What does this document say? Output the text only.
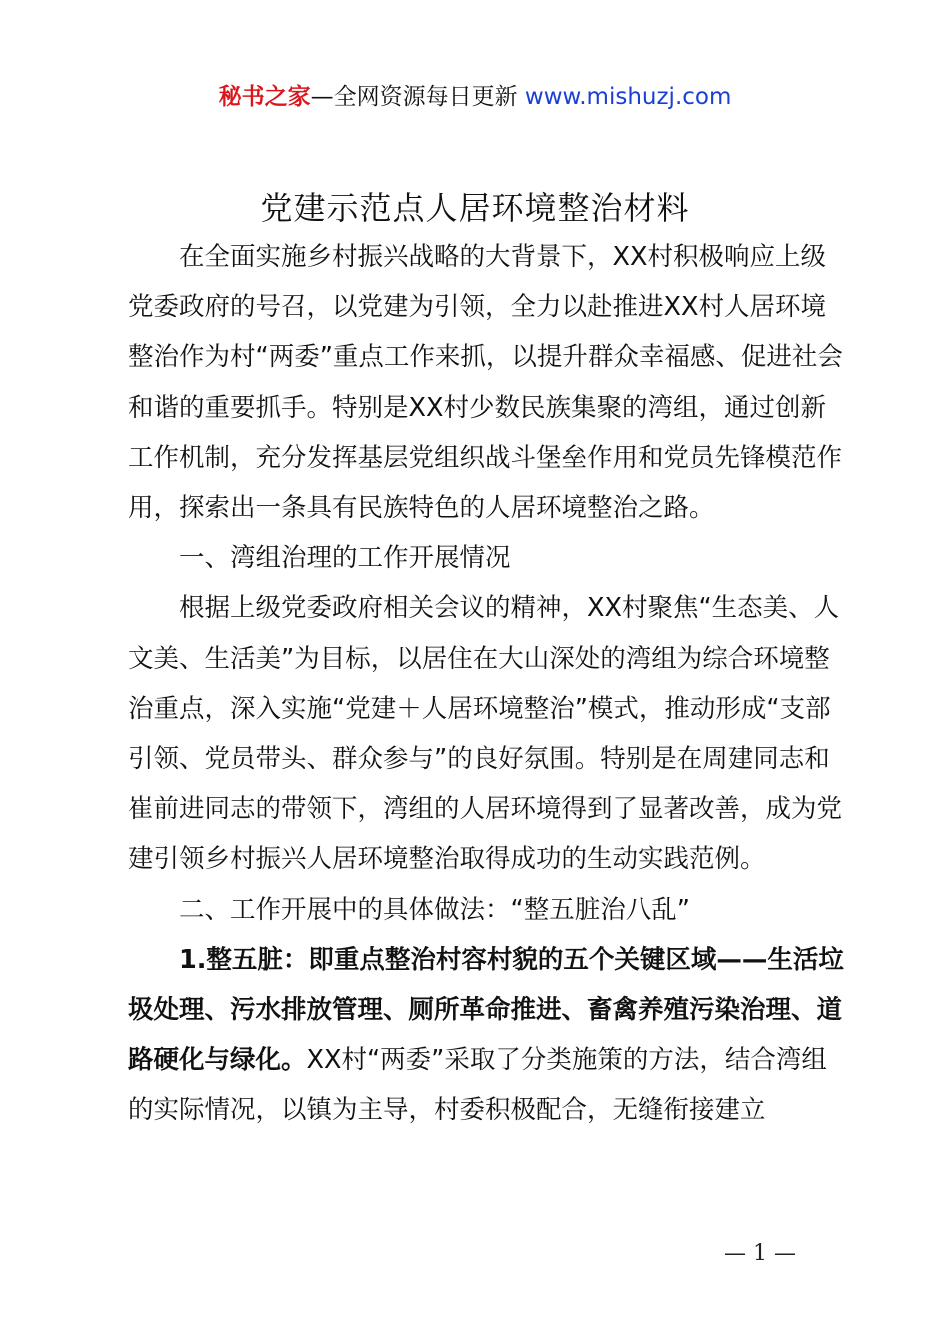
秘书之家—全网资源每日更新 www.mishuzj.com
党建示范点人居环境整治材料

在全面实施乡村振兴战略的大背景下，XX村积极响应上级党委政府的号召，以党建为引领，全力以赴推进XX村人居环境整治作为村“两委”重点工作来抓，以提升群众幸福感、促进社会和谐的重要抓手。特别是XX村少数民族集聚的湾组，通过创新工作机制，充分发挥基层党组织战斗堡垒作用和党员先锋模范作用，探索出一条具有民族特色的人居环境整治之路。

一、湾组治理的工作开展情况

根据上级党委政府相关会议的精神，XX村聚焦“生态美、人文美、生活美”为目标，以居住在大山深处的湾组为综合环境整治重点，深入实施“党建＋人居环境整治”模式，推动形成“支部引领、党员带头、群众参与”的良好氛围。特别是在周建同志和崔前进同志的带领下，湾组的人居环境得到了显著改善，成为党建引领乡村振兴人居环境整治取得成功的生动实践范例。

二、工作开展中的具体做法：“整五脏治八乱”

1.整五脏：即重点整治村容村貌的五个关键区域——生活垃圾处理、污水排放管理、厕所革命推进、畜禽养殖污染治理、道路硬化与绿化。XX村“两委”采取了分类施策的方法，结合湾组的实际情况，以镇为主导，村委积极配合，无缝衔接建立

— 1 —
